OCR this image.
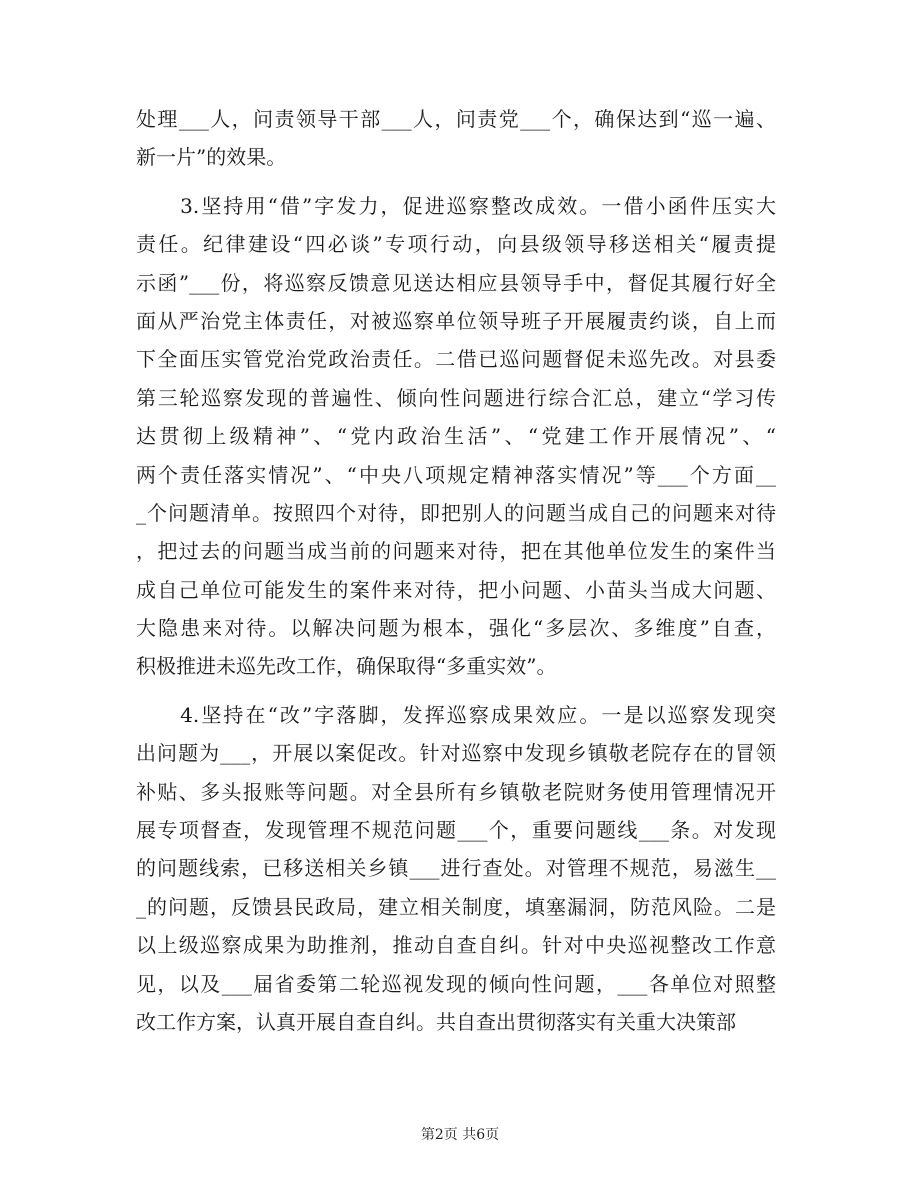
处理___人，问责领导干部___人，问责党___个，确保达到“巡一遍、
新一片”的效果。
　　3.坚持用“借”字发力，促进巡察整改成效。一借小函件压实大
责任。纪律建设“四必谈”专项行动，向县级领导移送相关“履责提
示函”___份，将巡察反馈意见送达相应县领导手中，督促其履行好全
面从严治党主体责任，对被巡察单位领导班子开展履责约谈，自上而
下全面压实管党治党政治责任。二借已巡问题督促未巡先改。对县委
第三轮巡察发现的普遍性、倾向性问题进行综合汇总，建立“学习传
达贯彻上级精神”、“党内政治生活”、“党建工作开展情况”、“
两个责任落实情况”、“中央八项规定精神落实情况”等___个方面__
_个问题清单。按照四个对待，即把别人的问题当成自己的问题来对待
，把过去的问题当成当前的问题来对待，把在其他单位发生的案件当
成自己单位可能发生的案件来对待，把小问题、小苗头当成大问题、
大隐患来对待。以解决问题为根本，强化“多层次、多维度”自查，
积极推进未巡先改工作，确保取得“多重实效”。
　　4.坚持在“改”字落脚，发挥巡察成果效应。一是以巡察发现突
出问题为___，开展以案促改。针对巡察中发现乡镇敬老院存在的冒领
补贴、多头报账等问题。对全县所有乡镇敬老院财务使用管理情况开
展专项督查，发现管理不规范问题___个，重要问题线___条。对发现
的问题线索，已移送相关乡镇___进行查处。对管理不规范，易滋生__
_的问题，反馈县民政局，建立相关制度，填塞漏洞，防范风险。二是
以上级巡察成果为助推剂，推动自查自纠。针对中央巡视整改工作意
见，以及___届省委第二轮巡视发现的倾向性问题，___各单位对照整
改工作方案，认真开展自查自纠。共自查出贯彻落实有关重大决策部
第2页 共6页
